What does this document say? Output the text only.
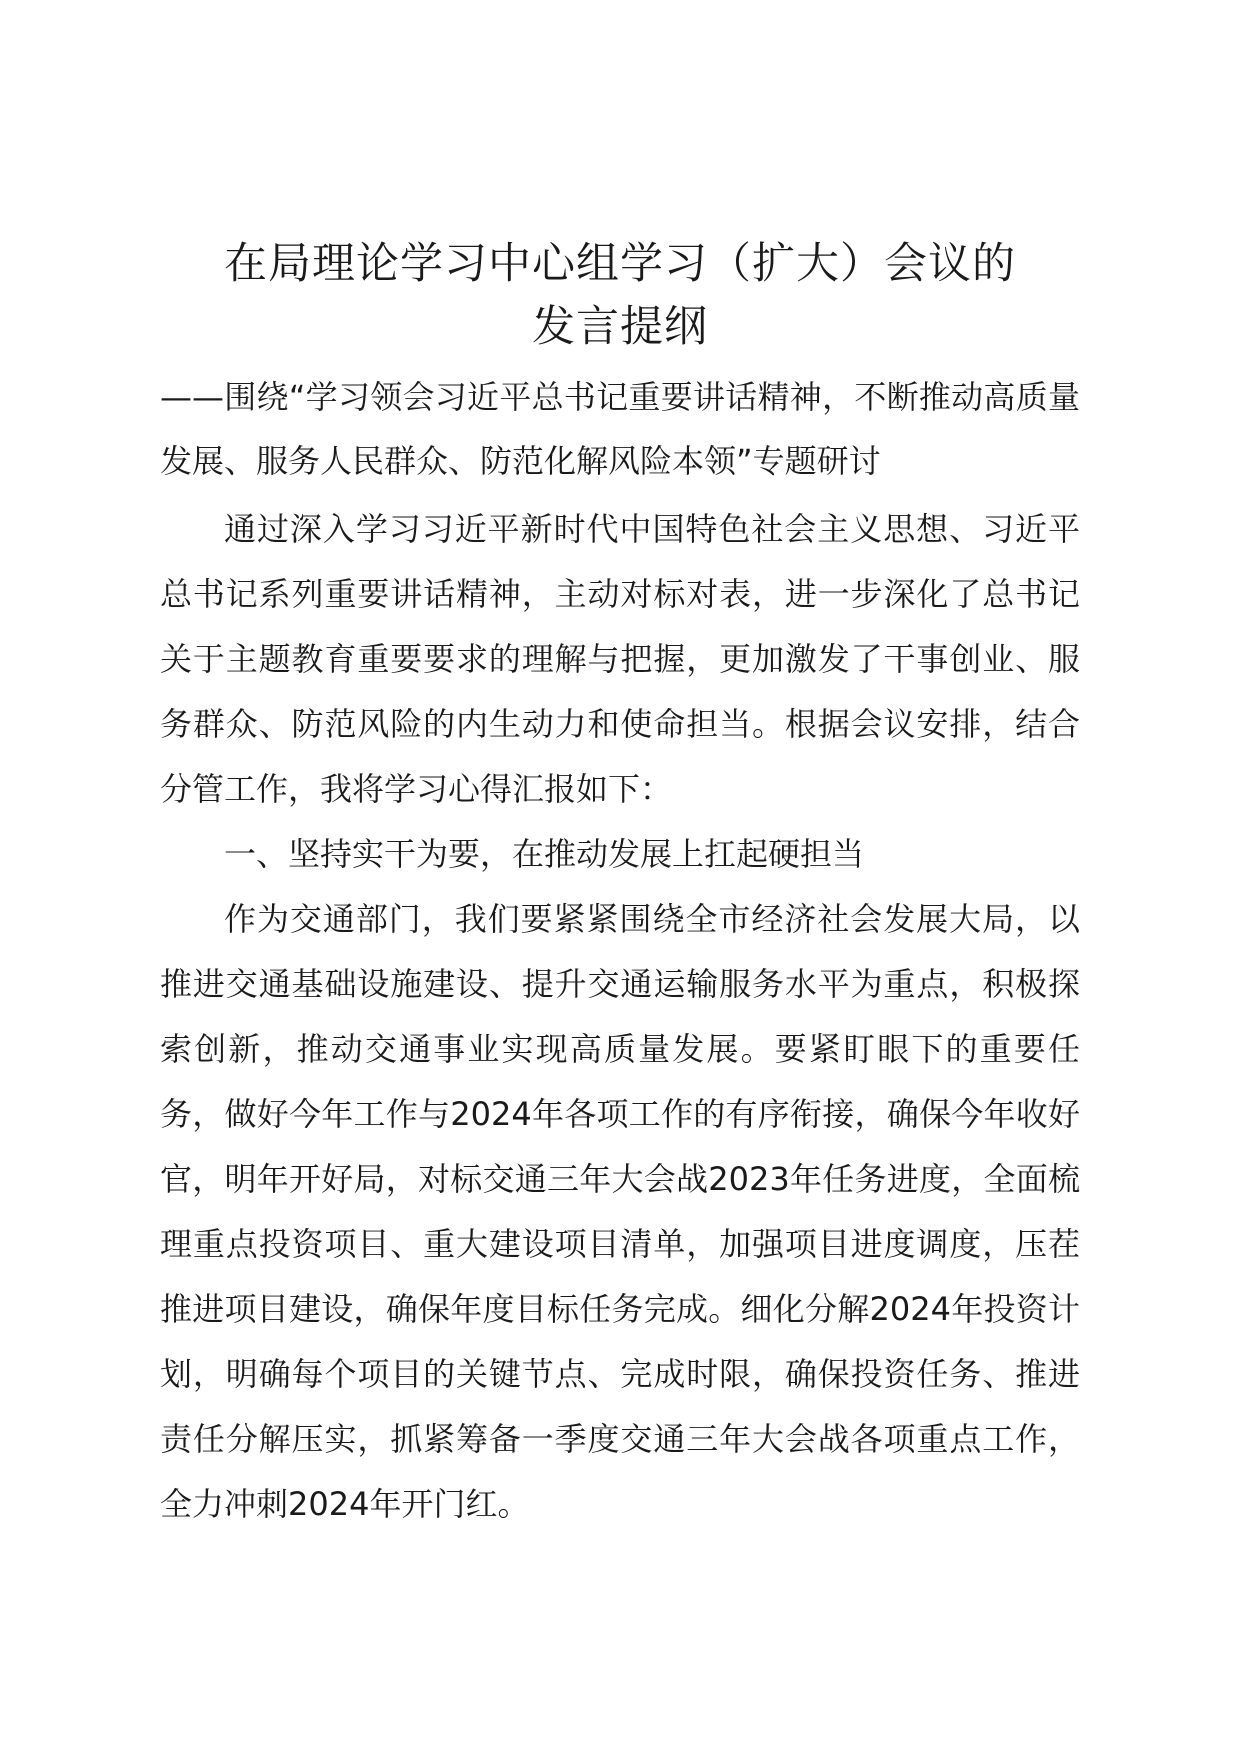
在局理论学习中心组学习（扩大）会议的
发言提纲

——围绕“学习领会习近平总书记重要讲话精神，不断推动高质量发展、服务人民群众、防范化解风险本领”专题研讨

通过深入学习习近平新时代中国特色社会主义思想、习近平总书记系列重要讲话精神，主动对标对表，进一步深化了总书记关于主题教育重要要求的理解与把握，更加激发了干事创业、服务群众、防范风险的内生动力和使命担当。根据会议安排，结合分管工作，我将学习心得汇报如下：

一、坚持实干为要，在推动发展上扛起硬担当

作为交通部门，我们要紧紧围绕全市经济社会发展大局，以推进交通基础设施建设、提升交通运输服务水平为重点，积极探索创新，推动交通事业实现高质量发展。要紧盯眼下的重要任务，做好今年工作与2024年各项工作的有序衔接，确保今年收好官，明年开好局，对标交通三年大会战2023年任务进度，全面梳理重点投资项目、重大建设项目清单，加强项目进度调度，压茬推进项目建设，确保年度目标任务完成。细化分解2024年投资计划，明确每个项目的关键节点、完成时限，确保投资任务、推进责任分解压实，抓紧筹备一季度交通三年大会战各项重点工作，全力冲刺2024年开门红。
